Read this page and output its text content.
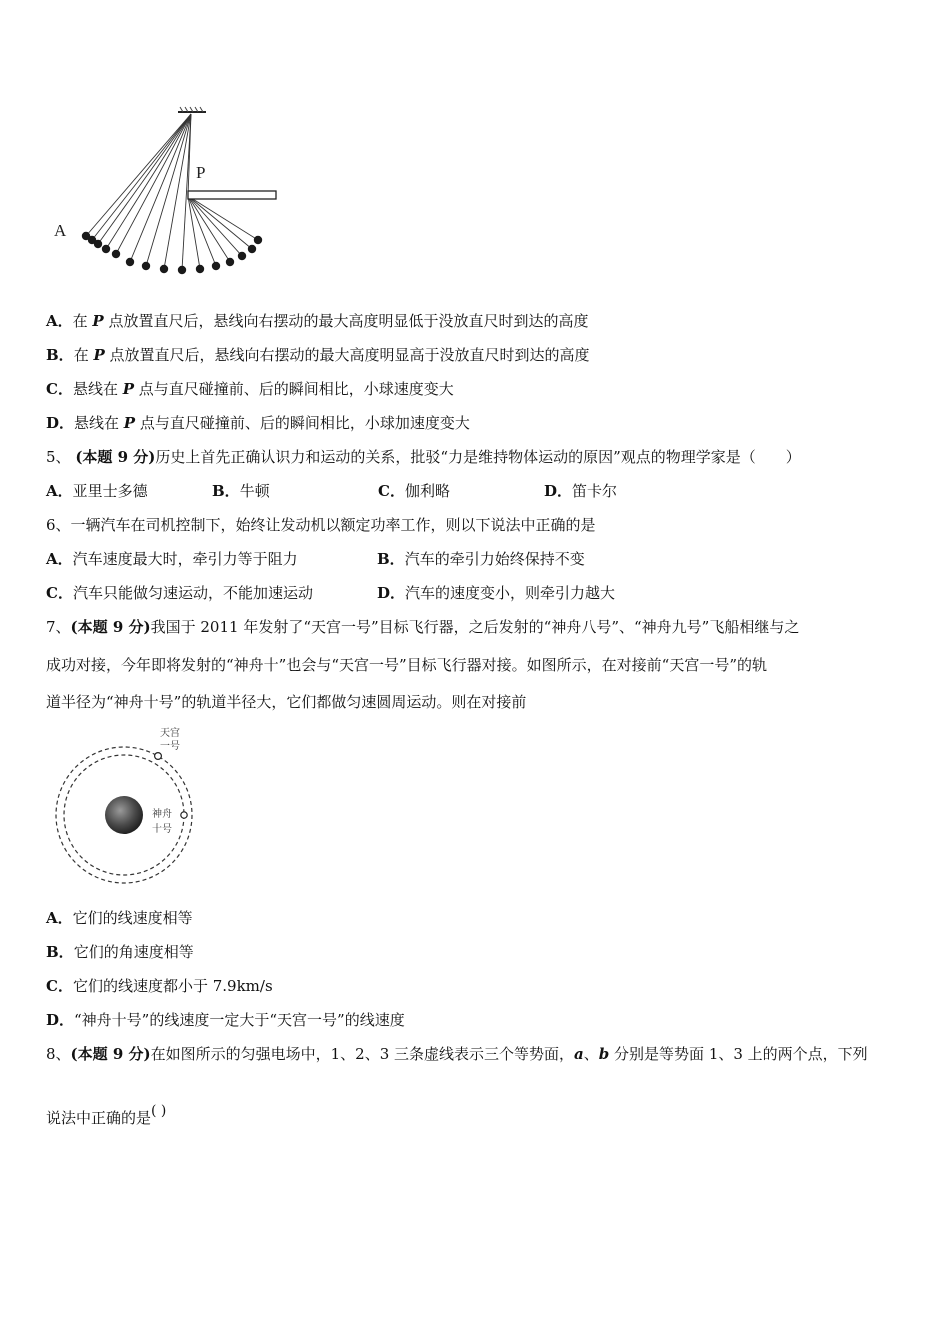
P
A
A．在 P 点放置直尺后，悬线向右摆动的最大高度明显低于没放直尺时到达的高度
B．在 P 点放置直尺后，悬线向右摆动的最大高度明显高于没放直尺时到达的高度
C．悬线在 P 点与直尺碰撞前、后的瞬间相比，小球速度变大
D．悬线在 P 点与直尺碰撞前、后的瞬间相比，小球加速度变大
5、 (本题 9 分)历史上首先正确认识力和运动的关系，批驳“力是维持物体运动的原因”观点的物理学家是（　　）
A．亚里士多德	B．牛顿	C．伽利略	D．笛卡尔
6、一辆汽车在司机控制下，始终让发动机以额定功率工作，则以下说法中正确的是
A．汽车速度最大时，牵引力等于阻力	B．汽车的牵引力始终保持不变
C．汽车只能做匀速运动，不能加速运动	D．汽车的速度变小，则牵引力越大
7、(本题 9 分)我国于 2011 年发射了“天宫一号”目标飞行器，之后发射的“神舟八号”、“神舟九号”飞船相继与之
成功对接，今年即将发射的“神舟十”也会与“天宫一号”目标飞行器对接。如图所示，在对接前“天宫一号”的轨
道半径为“神舟十号”的轨道半径大，它们都做匀速圆周运动。则在对接前
天宫
一号
神舟
十号
A．它们的线速度相等
B．它们的角速度相等
C．它们的线速度都小于 7.9km/s
D．“神舟十号”的线速度一定大于“天宫一号”的线速度
8、(本题 9 分)在如图所示的匀强电场中，1、2、3 三条虚线表示三个等势面，a、b 分别是等势面 1、3 上的两个点，下列
说法中正确的是( )
